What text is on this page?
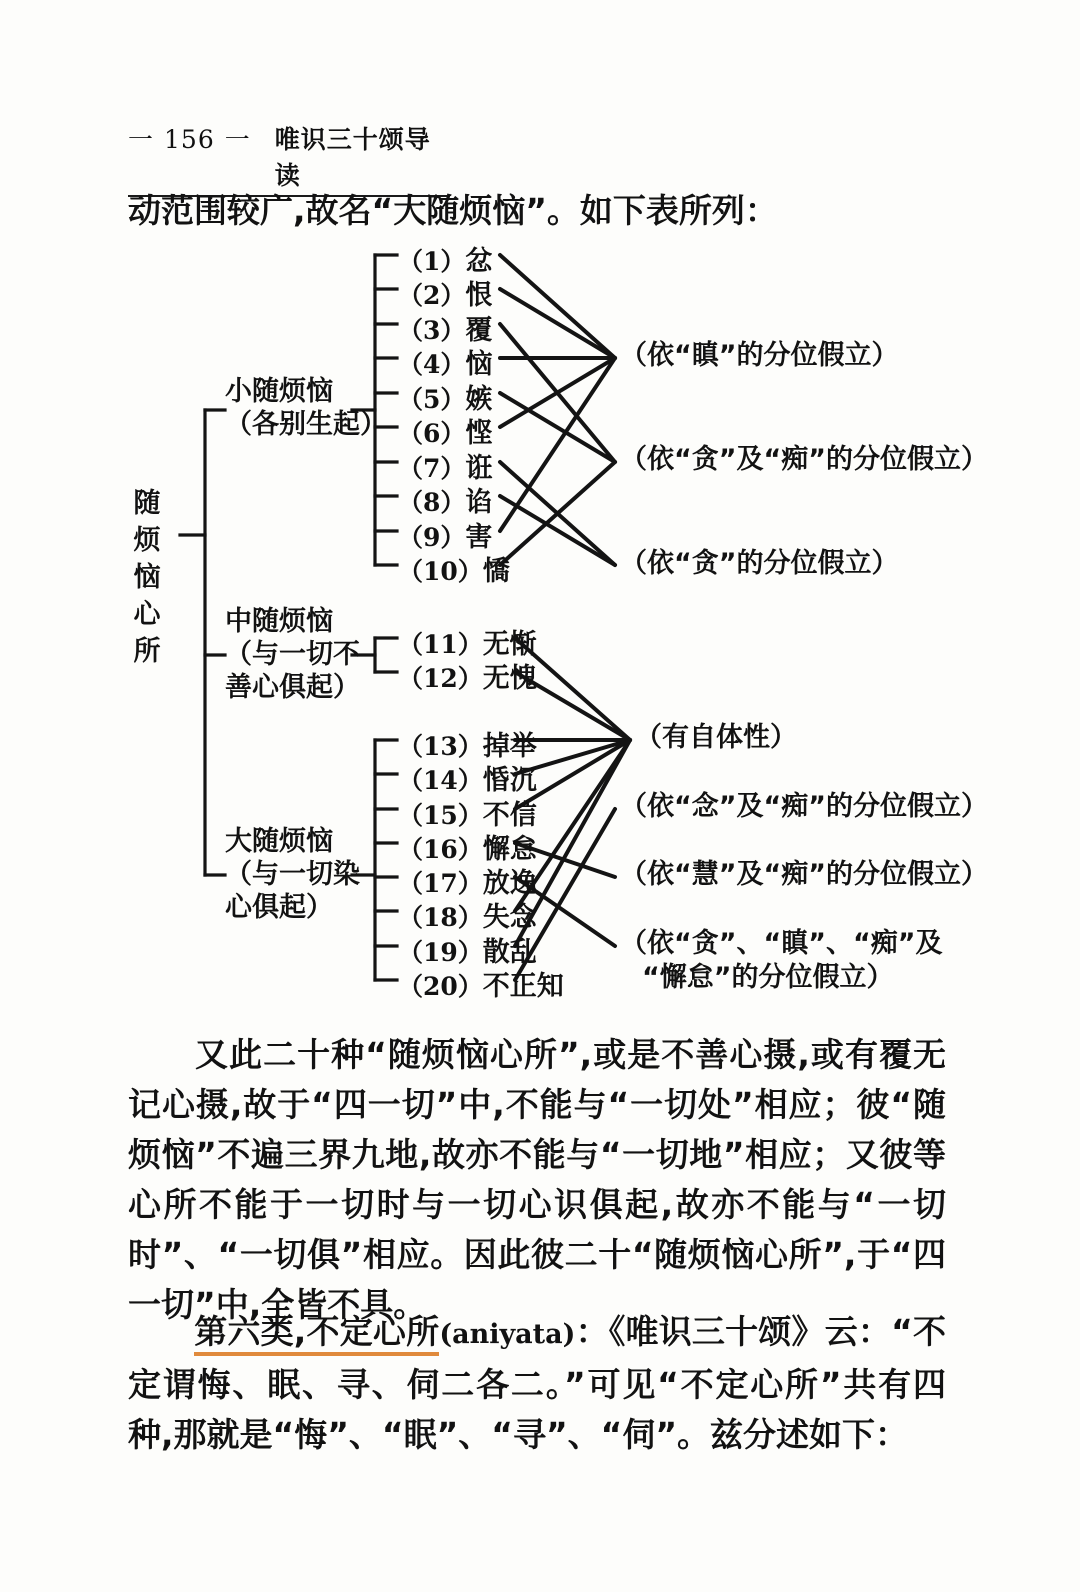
一 156 一 唯识三十颂导读
动范围较广,故名“大随烦恼”。如下表所列：
随烦恼心所
小随烦恼
（各别生起）
中随烦恼
（与一切不
善心俱起）
大随烦恼
（与一切染
心俱起）
（1）忿
（2）恨
（3）覆
（4）恼
（5）嫉
（6）悭
（7）诳
（8）谄
（9）害
（10）憍
（11）无惭
（12）无愧
（13）掉举
（14）惛沉
（15）不信
（16）懈怠
（17）放逸
（18）失念
（19）散乱
（20）不正知
（依“瞋”的分位假立）
（依“贪”及“痴”的分位假立）
（依“贪”的分位假立）
（有自体性）
（依“念”及“痴”的分位假立）
（依“慧”及“痴”的分位假立）
（依“贪”、“瞋”、“痴”及
“懈怠”的分位假立）
又此二十种“随烦恼心所”,或是不善心摄,或有覆无记心摄,故于“四一切”中,不能与“一切处”相应；彼“随烦恼”不遍三界九地,故亦不能与“一切地”相应；又彼等心所不能于一切时与一切心识俱起,故亦不能与“一切时”、“一切俱”相应。因此彼二十“随烦恼心所”,于“四一切”中,全皆不具。
第六类,不定心所(aniyata)：《唯识三十颂》云：“不定谓悔、眠、寻、伺二各二。”可见“不定心所”共有四种,那就是“悔”、“眠”、“寻”、“伺”。兹分述如下：
